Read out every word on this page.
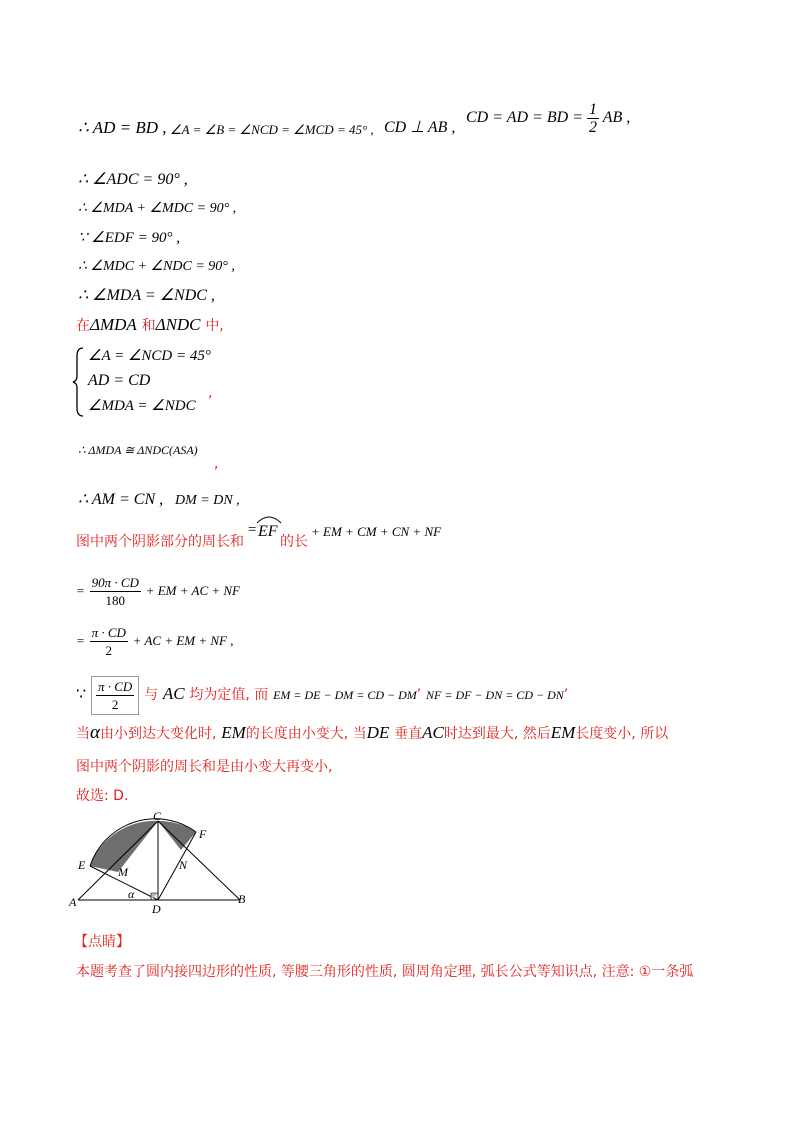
∴ AD = BD , ∠A = ∠B = ∠NCD = ∠MCD = 45° , CD ⊥ AB ,
CD = AD = BD = $\frac{1}{2}$ AB ,
∴ ∠ADC = 90° ,
∴ ∠MDA + ∠MDC = 90° ,
∵ ∠EDF = 90° ,
∴ ∠MDC + ∠NDC = 90° ,
∴ ∠MDA = ∠NDC ,
在ΔMDA 和ΔNDC 中,
∠A = ∠NCD = 45°
AD = CD
∠MDA = ∠NDC
,
∴ ΔMDA ≅ ΔNDC(ASA)
,
∴ AM = CN , DM = DN ,
图中两个阴影部分的周长和
= EF
的长
+ EM + CM + CN + NF
= $\frac{90\pi \cdot CD}{180}$ + EM + AC + NF
= $\frac{\pi \cdot CD}{2}$ + AC + EM + NF ,
∵ $\frac{\pi \cdot CD}{2}$ 与 AC 均为定值, 而 EM = DE − DM = CD − DM’ NF = DF − DN = CD − DN’
当α由小到达大变化时, EM的长度由小变大, 当DE 垂直AC时达到最大, 然后EM长度变小, 所以
图中两个阴影的周长和是由小变大再变小,
故选: D.
A	B
C
D
E
F
M	N
α
【点睛】
本题考查了圆内接四边形的性质, 等腰三角形的性质, 圆周角定理, 弧长公式等知识点, 注意: ①一条弧
